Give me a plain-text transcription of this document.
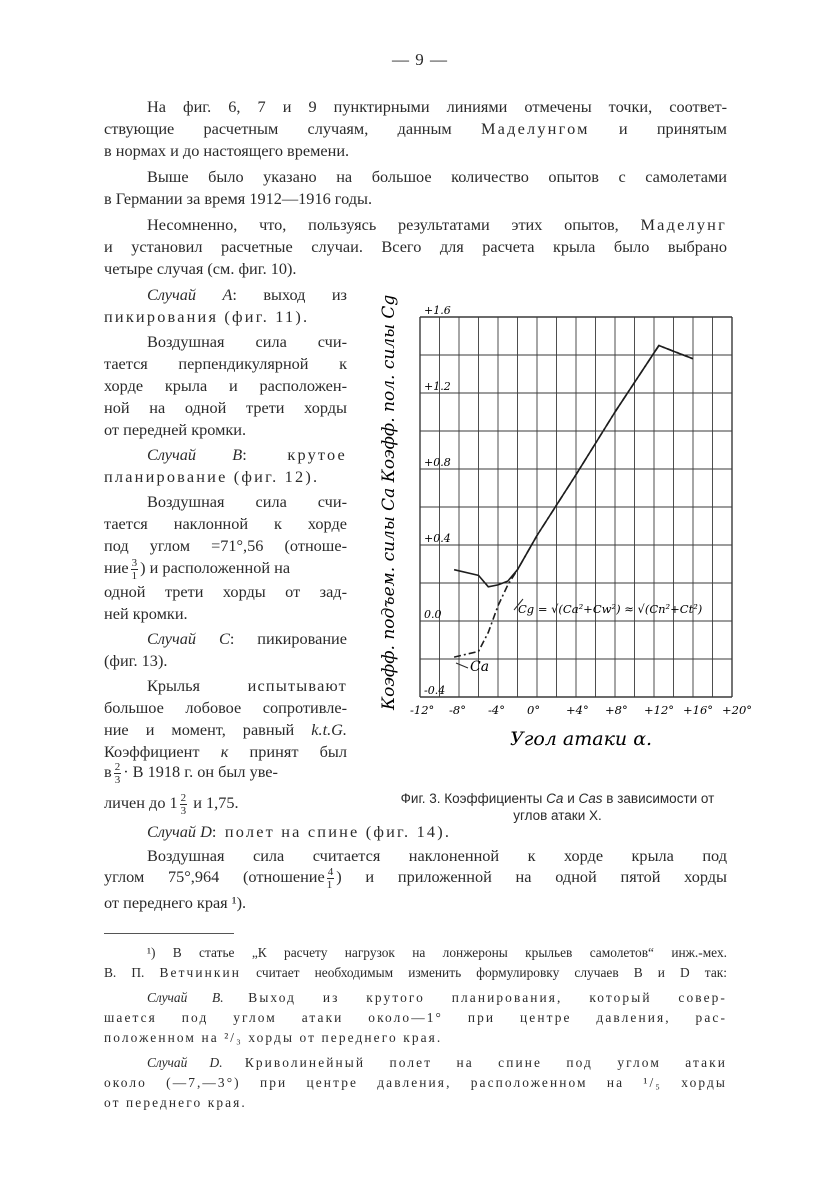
— 9 —

На фиг. 6, 7 и 9 пунктирными линиями отмечены точки, соответ-

ствующие расчетным случаям, данным Маделунгом и принятым

в нормах и до настоящего времени.

Выше было указано на большое количество опытов с самолетами

в Германии за время 1912—1916 годы.

Несомненно, что, пользуясь результатами этих опытов, Маделунг

и установил расчетные случаи. Всего для расчета крыла было выбрано

четыре случая (см. фиг. 10).

Случай A: выход из

пикирования (фиг. 11).

Воздушная сила счи-

тается перпендикулярной к

хорде крыла и расположен-

ной на одной трети хорды

от передней кромки.

Случай B: крутое

планирование (фиг. 12).

Воздушная сила счи-

тается наклонной к хорде

под углом =71°,56 (отноше-

ние $\frac{3}{1}$ ) и расположенной на

одной трети хорды от зад-

ней кромки.

Случай C: пикирование

(фиг. 13).

Крылья	испытывают

большое лобовое сопротивле-

ние и момент, равный k.t.G.

Коэффициент к принят был

в $\frac{2}{3} \cdot В$ 1918 г. он был уве-

личен до $1 \frac{2}{3}$ и 1,75.

Случай D: полет на спине (фиг. 14).

Воздушная сила считается наклоненной к хорде крыла под

углом 75°,964 (отношение $\frac{4}{1}$ ) и приложенной на одной пятой хорды

от переднего края ¹).

-12° -8° -4° 0° +4° +8° +12° +16° +20°
-0.4
0.0
+0.4
+0.8
+1.2
+1.6
Коэфф. подъем. силы Ca Коэфф. пол. силы Cg
Угол атаки α.
Cg = √(Ca²+Cw²) ≈ √(Cn²+Ct²)
Ca
Фиг. 3. Коэффициенты Ca и Cas в зависимости от
углов атаки X.

¹) В статье „К расчету нагрузок на лонжероны крыльев самолетов“ инж.-мех.

В. П. Ветчинкин считает необходимым изменить формулировку случаев B и D так:

Случай B. Выход из крутого планирования, который совер-

шается под углом атаки около—1° при центре давления, рас-

положенном на ²/₃ хорды от переднего края.

Случай D. Криволинейный полет на спине под углом атаки

около (—7,—3°) при центре давления, расположенном на ¹/₅ хорды

от переднего края.
